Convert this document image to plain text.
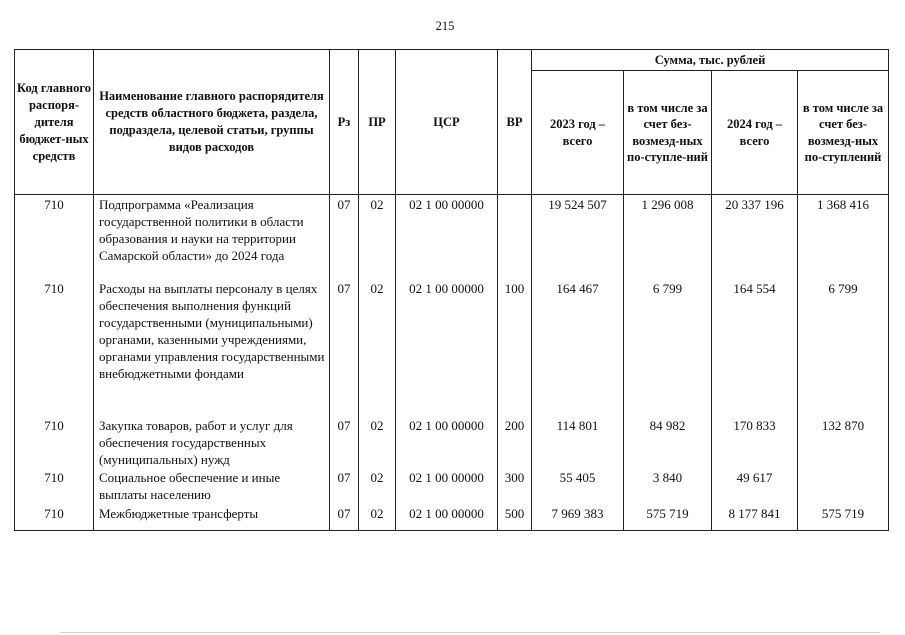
215
Код главного распоря-дителя бюджет-ных средств	Наименование главного распорядителя средств областного бюджета, раздела, подраздела, целевой статьи, группы видов расходов	Рз	ПР	ЦСР	ВР	Сумма, тыс. рублей			
						2023 год – всего	в том числе за счет без-возмезд-ных по-ступле-ний	2024 год – всего	в том числе за счет без-возмезд-ных по-ступлений
710	Подпрограмма «Реализация государственной политики в области образования и науки на территории Самарской области» до 2024 года	07	02	02 1 00 00000		19 524 507	1 296 008	20 337 196	1 368 416
710	Расходы на выплаты персоналу в целях обеспечения выполнения функций государственными (муниципальными) органами, казенными учреждениями, органами управления государственными внебюджетными фондами	07	02	02 1 00 00000	100	164 467	6 799	164 554	6 799
710	Закупка товаров, работ и услуг для обеспечения государственных (муниципальных) нужд	07	02	02 1 00 00000	200	114 801	84 982	170 833	132 870
710	Социальное обеспечение и иные выплаты населению	07	02	02 1 00 00000	300	55 405	3 840	49 617	
710	Межбюджетные трансферты	07	02	02 1 00 00000	500	7 969 383	575 719	8 177 841	575 719
